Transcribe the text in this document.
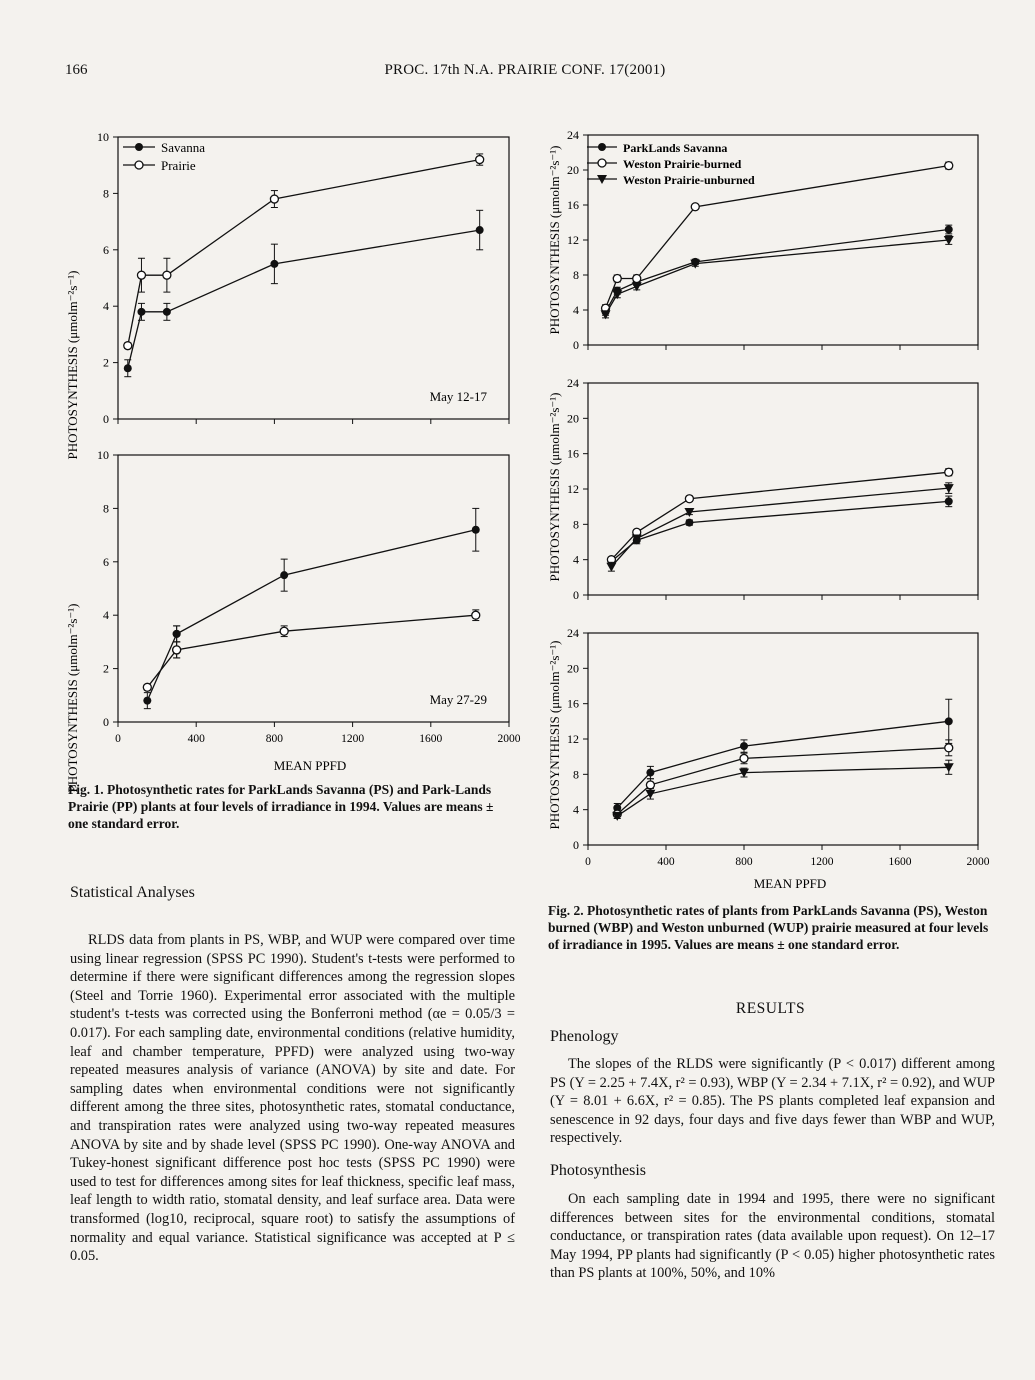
166	PROC. 17th N.A. PRAIRIE CONF. 17(2001)
0
2
4
6
8
10
May 12-17
0
2
4
6
8
10
0	400	800	1200	1600	2000
May 27-29
Savanna
Prairie
PHOTOSYNTHESIS (μmolm⁻²s⁻¹)
PHOTOSYNTHESIS (μmolm⁻²s⁻¹)	MEAN PPFD
Fig. 1. Photosynthetic rates for ParkLands Savanna (PS) and Park-Lands Prairie (PP) plants at four levels of irradiance in 1994. Values are means ± one standard error.
0
4
8
12
16
20
24
0
4
8
12
16
20
24
0
4
8
12
16
20
24
0	400	800	1200	1600	2000
ParkLands Savanna
Weston Prairie-burned
Weston Prairie-unburned
PHOTOSYNTHESIS (μmolm⁻²s⁻¹)
PHOTOSYNTHESIS (μmolm⁻²s⁻¹)
PHOTOSYNTHESIS (μmolm⁻²s⁻¹)
MEAN PPFD
Fig. 2. Photosynthetic rates of plants from ParkLands Savanna (PS), Weston burned (WBP) and Weston unburned (WUP) prairie measured at four levels of irradiance in 1995. Values are means ± one standard error.
Statistical Analyses

RLDS data from plants in PS, WBP, and WUP were compared over time using linear regression (SPSS PC 1990). Student's t-tests were performed to determine if there were significant differences among the regression slopes (Steel and Torrie 1960). Experimental error associated with the multiple student's t-tests was corrected using the Bonferroni method (αe = 0.05/3 = 0.017). For each sampling date, environmental conditions (relative humidity, leaf and chamber temperature, PPFD) were analyzed using two-way repeated measures analysis of variance (ANOVA) by site and date. For sampling dates when environmental conditions were not significantly different among the three sites, photosynthetic rates, stomatal conductance, and transpiration rates were analyzed using two-way repeated measures ANOVA by site and by shade level (SPSS PC 1990). One-way ANOVA and Tukey-honest significant difference post hoc tests (SPSS PC 1990) were used to test for differences among sites for leaf thickness, specific leaf mass, leaf length to width ratio, stomatal density, and leaf surface area. Data were transformed (log10, reciprocal, square root) to satisfy the assumptions of normality and equal variance. Statistical significance was accepted at P ≤ 0.05.

RESULTS
Phenology

The slopes of the RLDS were significantly (P < 0.017) different among PS (Y = 2.25 + 7.4X, r² = 0.93), WBP (Y = 2.34 + 7.1X, r² = 0.92), and WUP (Y = 8.01 + 6.6X, r² = 0.85). The PS plants completed leaf expansion and senescence in 92 days, four days and five days fewer than WBP and WUP, respectively.

Photosynthesis

On each sampling date in 1994 and 1995, there were no significant differences between sites for the environmental conditions, stomatal conductance, or transpiration rates (data available upon request). On 12–17 May 1994, PP plants had significantly (P < 0.05) higher photosynthetic rates than PS plants at 100%, 50%, and 10%
